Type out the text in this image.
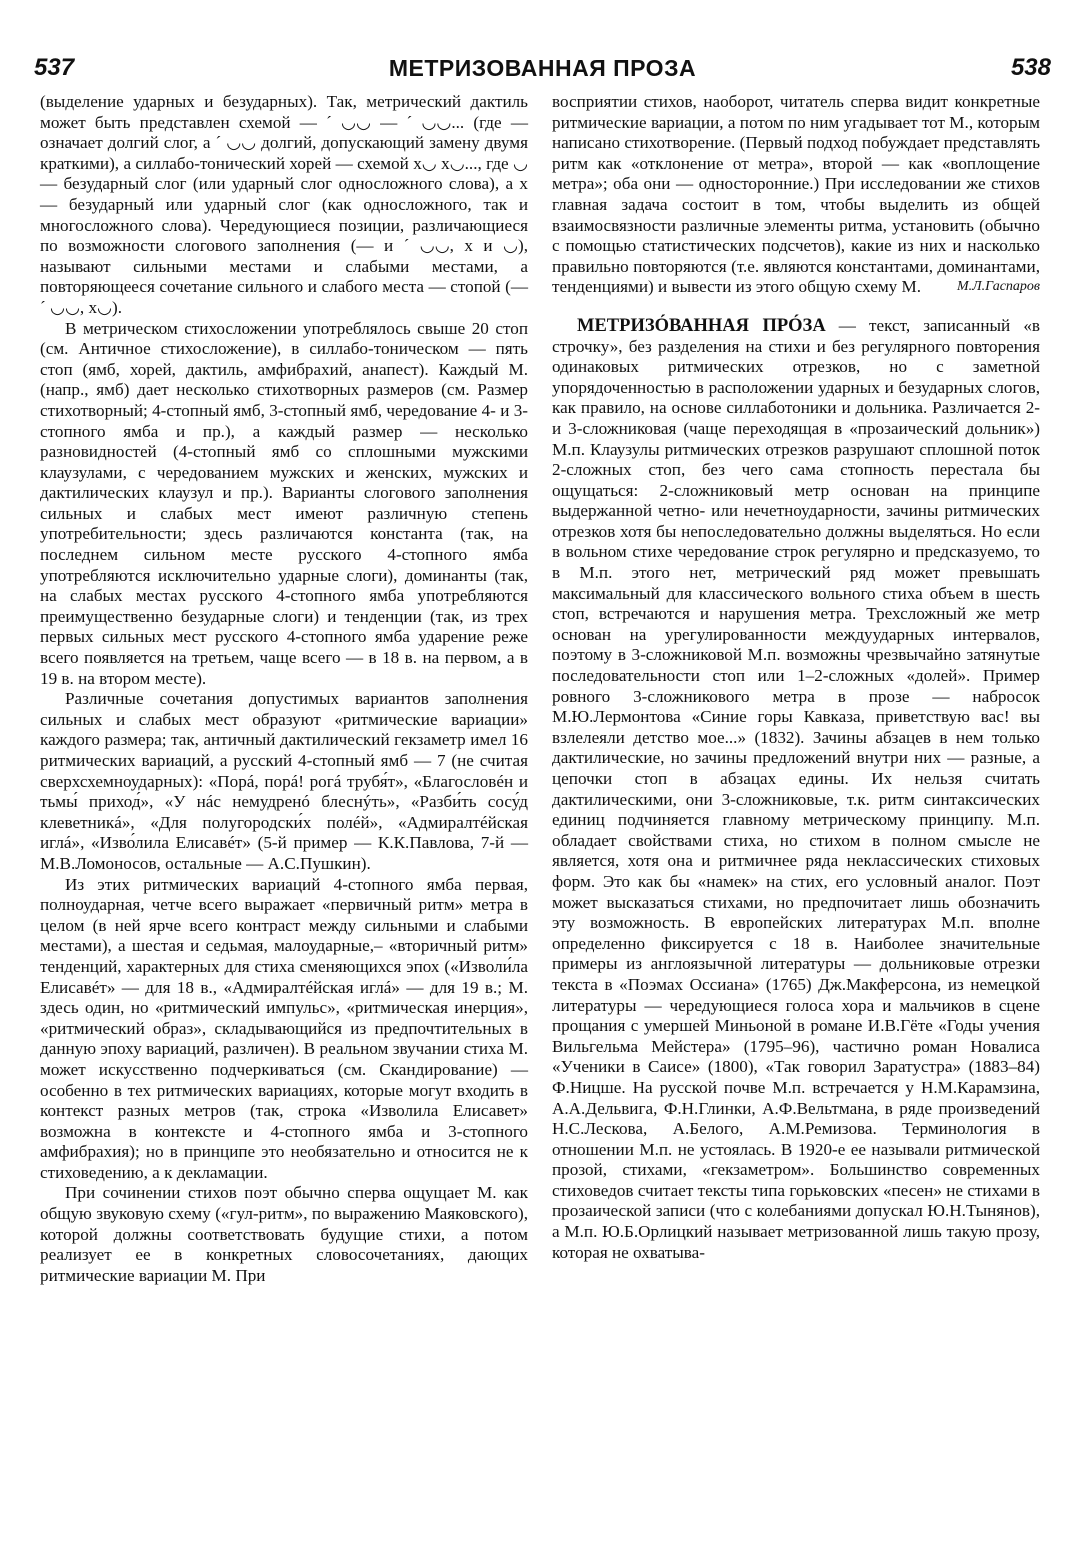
537	МЕТРИЗОВАННАЯ ПРОЗА	538

(выделение ударных и безударных). Так, метрический дактиль может быть представлен схемой — ´ ◡◡ — ´ ◡◡... (где — означает долгий слог, а ´ ◡◡ долгий, допускающий замену двумя краткими), а силлабо-тонический хорей — схемой x◡ x◡..., где ◡ — безударный слог (или ударный слог односложного слова), а x — безударный или ударный слог (как односложного, так и многосложного слова). Чередующиеся позиции, различающиеся по возможности слогового заполнения (— и ´ ◡◡, x и ◡), называют сильными местами и слабыми местами, а повторяющееся сочетание сильного и слабого места — стопой (— ´ ◡◡, x◡).

В метрическом стихосложении употреблялось свыше 20 стоп (см. Античное стихосложение), в силлабо-тоническом — пять стоп (ямб, хорей, дактиль, амфибрахий, анапест). Каждый М. (напр., ямб) дает несколько стихотворных размеров (см. Размер стихотворный; 4-стопный ямб, 3-стопный ямб, чередование 4- и 3-стопного ямба и пр.), а каждый размер — несколько разновидностей (4-стопный ямб со сплошными мужскими клаузулами, с чередованием мужских и женских, мужских и дактилических клаузул и пр.). Варианты слогового заполнения сильных и слабых мест имеют различную степень употребительности; здесь различаются константа (так, на последнем сильном месте русского 4-стопного ямба употребляются исключительно ударные слоги), доминанты (так, на слабых местах русского 4-стопного ямба употребляются преимущественно безударные слоги) и тенденции (так, из трех первых сильных мест русского 4-стопного ямба ударение реже всего появляется на третьем, чаще всего — в 18 в. на первом, а в 19 в. на втором месте).

Различные сочетания допустимых вариантов заполнения сильных и слабых мест образуют «ритмические вариации» каждого размера; так, античный дактилический гекзаметр имел 16 ритмических вариаций, а русский 4-стопный ямб — 7 (не считая сверхсхемноударных): «Порá, порá! рогá трубя́т», «Благословéн и тьмы́ приход́», «У нáс немудренó блеснýть», «Разби́ть сосу́д клеветникá», «Для полугородски́х полéй», «Адмиралтéйская иглá», «Изво́лила Елисавéт» (5-й пример — К.К.Павлова, 7-й — М.В.Ломоносов, остальные — А.С.Пушкин).

Из этих ритмических вариаций 4-стопного ямба первая, полноударная, четче всего выражает «первичный ритм» метра в целом (в ней ярче всего контраст между сильными и слабыми местами), а шестая и седьмая, малоударные,– «вторичный ритм» тенденций, характерных для стиха сменяющихся эпох («Изволи́ла Елисавéт» — для 18 в., «Адмиралтéйская иглá» — для 19 в.; М. здесь один, но «ритмический импульс», «ритмическая инерция», «ритмический образ», складывающийся из предпочтительных в данную эпоху вариаций, различен). В реальном звучании стиха М. может искусственно подчеркиваться (см. Скандирование) — особенно в тех ритмических вариациях, которые могут входить в контекст разных метров (так, строка «Изволила Елисавет» возможна в контексте и 4-стопного ямба и 3-стопного амфибрахия); но в принципе это необязательно и относится не к стиховедению, а к декламации.

При сочинении стихов поэт обычно сперва ощущает М. как общую звуковую схему («гул-ритм», по выражению Маяковского), которой должны соответствовать будущие стихи, а потом реализует ее в конкретных словосочетаниях, дающих ритмические вариации М. При

восприятии стихов, наоборот, читатель сперва видит конкретные ритмические вариации, а потом по ним угадывает тот М., которым написано стихотворение. (Первый подход побуждает представлять ритм как «отклонение от метра», второй — как «воплощение метра»; оба они — односторонние.) При исследовании же стихов главная задача состоит в том, чтобы выделить из общей взаимосвязности различные элементы ритма, установить (обычно с помощью статистических подсчетов), какие из них и насколько правильно повторяются (т.е. являются константами, доминантами, тенденциями) и вывести из этого общую схему М.	М.Л.Гаспаров

МЕТРИЗÓВАННАЯ ПРÓЗА — текст, записанный «в строчку», без разделения на стихи и без регулярного повторения одинаковых ритмических отрезков, но с заметной упорядоченностью в расположении ударных и безударных слогов, как правило, на основе силлаботоники и дольника. Различается 2- и 3-сложниковая (чаще переходящая в «прозаический дольник») М.п. Клаузулы ритмических отрезков разрушают сплошной поток 2-сложных стоп, без чего сама стопность перестала бы ощущаться: 2-сложниковый метр основан на принципе выдержанной четно- или нечетноударности, зачины ритмических отрезков хотя бы непоследовательно должны выделяться. Но если в вольном стихе чередование строк регулярно и предсказуемо, то в М.п. этого нет, метрический ряд может превышать максимальный для классического вольного стиха объем в шесть стоп, встречаются и нарушения метра. Трехсложный же метр основан на урегулированности междуударных интервалов, поэтому в 3-сложниковой М.п. возможны чрезвычайно затянутые последовательности стоп или 1–2-сложных «долей». Пример ровного 3-сложникового метра в прозе — набросок М.Ю.Лермонтова «Синие горы Кавказа, приветствую вас! вы взлелеяли детство мое...» (1832). Зачины абзацев в нем только дактилические, но зачины предложений внутри них — разные, а цепочки стоп в абзацах едины. Их нельзя считать дактилическими, они 3-сложниковые, т.к. ритм синтаксических единиц подчиняется главному метрическому принципу. М.п. обладает свойствами стиха, но стихом в полном смысле не является, хотя она и ритмичнее ряда неклассических стиховых форм. Это как бы «намек» на стих, его условный аналог. Поэт может высказаться стихами, но предпочитает лишь обозначить эту возможность. В европейских литературах М.п. вполне определенно фиксируется с 18 в. Наиболее значительные примеры из англоязычной литературы — дольниковые отрезки текста в «Поэмах Оссиана» (1765) Дж.Макферсона, из немецкой литературы — чередующиеся голоса хора и мальчиков в сцене прощания с умершей Миньоной в романе И.В.Гёте «Годы учения Вильгельма Мейстера» (1795–96), частично роман Новалиса «Ученики в Саисе» (1800), «Так говорил Заратустра» (1883–84) Ф.Ницше. На русской почве М.п. встречается у Н.М.Карамзина, А.А.Дельвига, Ф.Н.Глинки, А.Ф.Вельтмана, в ряде произведений Н.С.Лескова, А.Белого, А.М.Ремизова. Терминология в отношении М.п. не устоялась. В 1920-е ее называли ритмической прозой, стихами, «гекзаметром». Большинство современных стиховедов считает тексты типа горьковских «песен» не стихами в прозаической записи (что с колебаниями допускал Ю.Н.Тынянов), а М.п. Ю.Б.Орлицкий называет метризованной лишь такую прозу, которая не охватыва-
